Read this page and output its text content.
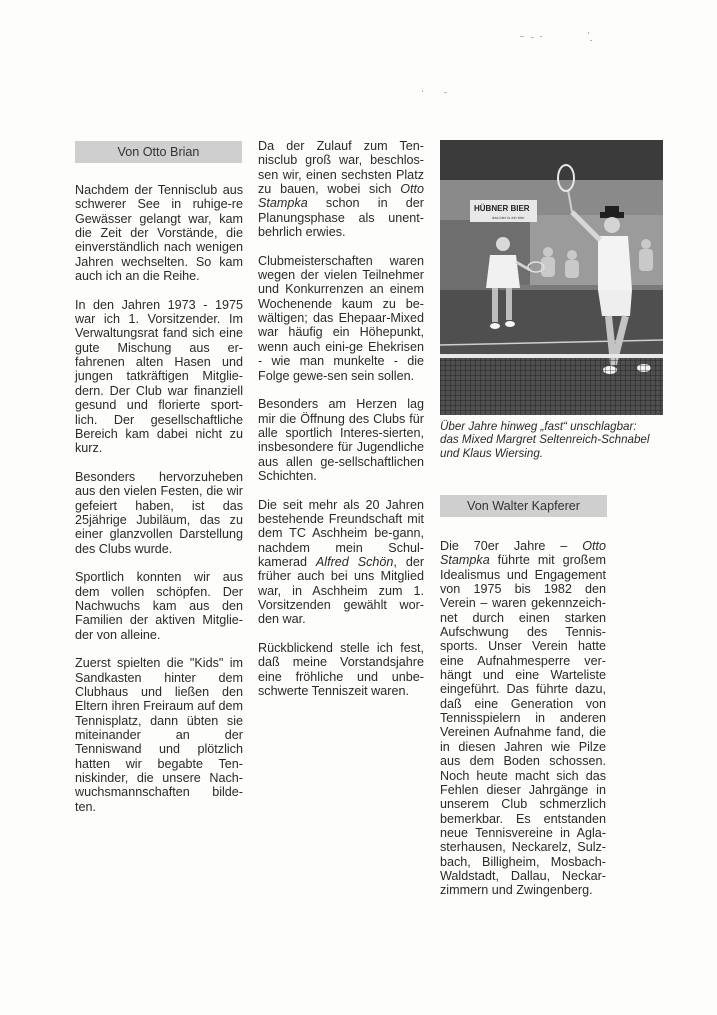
Von Otto Brian

Nachdem der Tennisclub aus schwerer See in ruhige-re Gewässer gelangt war, kam die Zeit der Vorstände, die einverständlich nach wenigen Jahren wechselten. So kam auch ich an die Reihe.

In den Jahren 1973 - 1975 war ich 1. Vorsitzender. Im Verwaltungsrat fand sich eine gute Mischung aus er-fahrenen alten Hasen und jungen tatkräftigen Mitglie-dern. Der Club war finanziell gesund und florierte sport-lich. Der gesellschaftliche Bereich kam dabei nicht zu kurz.

Besonders hervorzuheben aus den vielen Festen, die wir gefeiert haben, ist das 25jährige Jubiläum, das zu einer glanzvollen Darstellung des Clubs wurde.

Sportlich konnten wir aus dem vollen schöpfen. Der Nachwuchs kam aus den Familien der aktiven Mitglie-der von alleine.

Zuerst spielten die "Kids" im Sandkasten hinter dem Clubhaus und ließen den Eltern ihren Freiraum auf dem Tennisplatz, dann übten sie miteinander an der Tenniswand und plötzlich hatten wir begabte Ten-niskinder, die unsere Nach-wuchsmannschaften bilde-ten.

Da der Zulauf zum Ten-nisclub groß war, beschlos-sen wir, einen sechsten Platz zu bauen, wobei sich Otto Stampka schon in der Planungsphase als unent-behrlich erwies.

Clubmeisterschaften waren wegen der vielen Teilnehmer und Konkurrenzen an einem Wochenende kaum zu be-wältigen; das Ehepaar-Mixed war häufig ein Höhepunkt, wenn auch eini-ge Ehekrisen - wie man munkelte - die Folge gewe-sen sein sollen.

Besonders am Herzen lag mir die Öffnung des Clubs für alle sportlich Interes-sierten, insbesondere für Jugendliche aus allen ge-sellschaftlichen Schichten.

Die seit mehr als 20 Jahren bestehende Freundschaft mit dem TC Aschheim be-gann, nachdem mein Schul-kamerad Alfred Schön, der früher auch bei uns Mitglied war, in Aschheim zum 1. Vorsitzenden gewählt wor-den war.

Rückblickend stelle ich fest, daß meine Vorstandsjahre eine fröhliche und unbe-schwerte Tenniszeit waren.

HÜBNER BIER
das bier is ein bier

Über Jahre hinweg „fast“ unschlagbar:

das Mixed Margret Seltenreich-Schnabel

und Klaus Wiersing.

Von Walter Kapferer

Die 70er Jahre – Otto Stampka führte mit großem Idealismus und Engagement von 1975 bis 1982 den Verein – waren gekennzeich-net durch einen starken Aufschwung des Tennis-sports. Unser Verein hatte eine Aufnahmesperre ver-hängt und eine Warteliste eingeführt. Das führte dazu, daß eine Generation von Tennisspielern in anderen Vereinen Aufnahme fand, die in diesen Jahren wie Pilze aus dem Boden schossen. Noch heute macht sich das Fehlen dieser Jahrgänge in unserem Club schmerzlich bemerkbar. Es entstanden neue Tennisvereine in Agla-sterhausen, Neckarelz, Sulz-bach, Billigheim, Mosbach-Waldstadt, Dallau, Neckar-zimmern und Zwingenberg.
